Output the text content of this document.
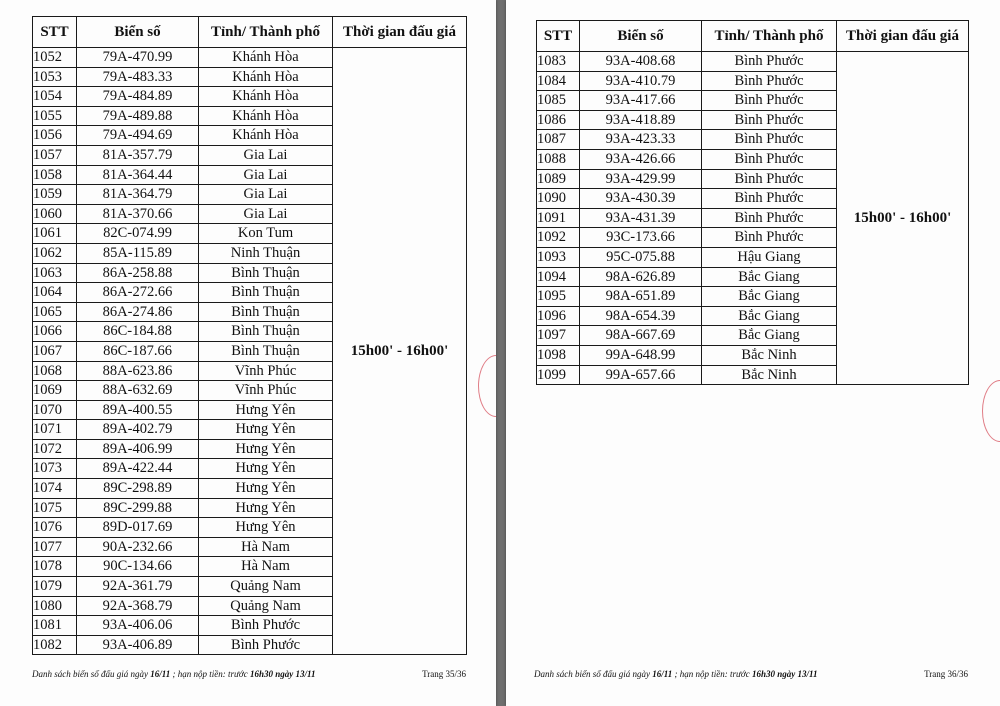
STT	Biển số	Tỉnh/ Thành phố	Thời gian đấu giá
1052	79A-470.99	Khánh Hòa	15h00' - 16h00'
1053	79A-483.33	Khánh Hòa	
1054	79A-484.89	Khánh Hòa	
1055	79A-489.88	Khánh Hòa	
1056	79A-494.69	Khánh Hòa	
1057	81A-357.79	Gia Lai	
1058	81A-364.44	Gia Lai	
1059	81A-364.79	Gia Lai	
1060	81A-370.66	Gia Lai	
1061	82C-074.99	Kon Tum	
1062	85A-115.89	Ninh Thuận	
1063	86A-258.88	Bình Thuận	
1064	86A-272.66	Bình Thuận	
1065	86A-274.86	Bình Thuận	
1066	86C-184.88	Bình Thuận	
1067	86C-187.66	Bình Thuận	
1068	88A-623.86	Vĩnh Phúc	
1069	88A-632.69	Vĩnh Phúc	
1070	89A-400.55	Hưng Yên	
1071	89A-402.79	Hưng Yên	
1072	89A-406.99	Hưng Yên	
1073	89A-422.44	Hưng Yên	
1074	89C-298.89	Hưng Yên	
1075	89C-299.88	Hưng Yên	
1076	89D-017.69	Hưng Yên	
1077	90A-232.66	Hà Nam	
1078	90C-134.66	Hà Nam	
1079	92A-361.79	Quảng Nam	
1080	92A-368.79	Quảng Nam	
1081	93A-406.06	Bình Phước	
1082	93A-406.89	Bình Phước	
Danh sách biển số đấu giá ngày 16/11 ; hạn nộp tiền: trước 16h30 ngày 13/11	Trang 35/36
STT	Biển số	Tỉnh/ Thành phố	Thời gian đấu giá
1083	93A-408.68	Bình Phước	15h00' - 16h00'
1084	93A-410.79	Bình Phước	
1085	93A-417.66	Bình Phước	
1086	93A-418.89	Bình Phước	
1087	93A-423.33	Bình Phước	
1088	93A-426.66	Bình Phước	
1089	93A-429.99	Bình Phước	
1090	93A-430.39	Bình Phước	
1091	93A-431.39	Bình Phước	
1092	93C-173.66	Bình Phước	
1093	95C-075.88	Hậu Giang	
1094	98A-626.89	Bắc Giang	
1095	98A-651.89	Bắc Giang	
1096	98A-654.39	Bắc Giang	
1097	98A-667.69	Bắc Giang	
1098	99A-648.99	Bắc Ninh	
1099	99A-657.66	Bắc Ninh	
Danh sách biển số đấu giá ngày 16/11 ; hạn nộp tiền: trước 16h30 ngày 13/11	Trang 36/36
